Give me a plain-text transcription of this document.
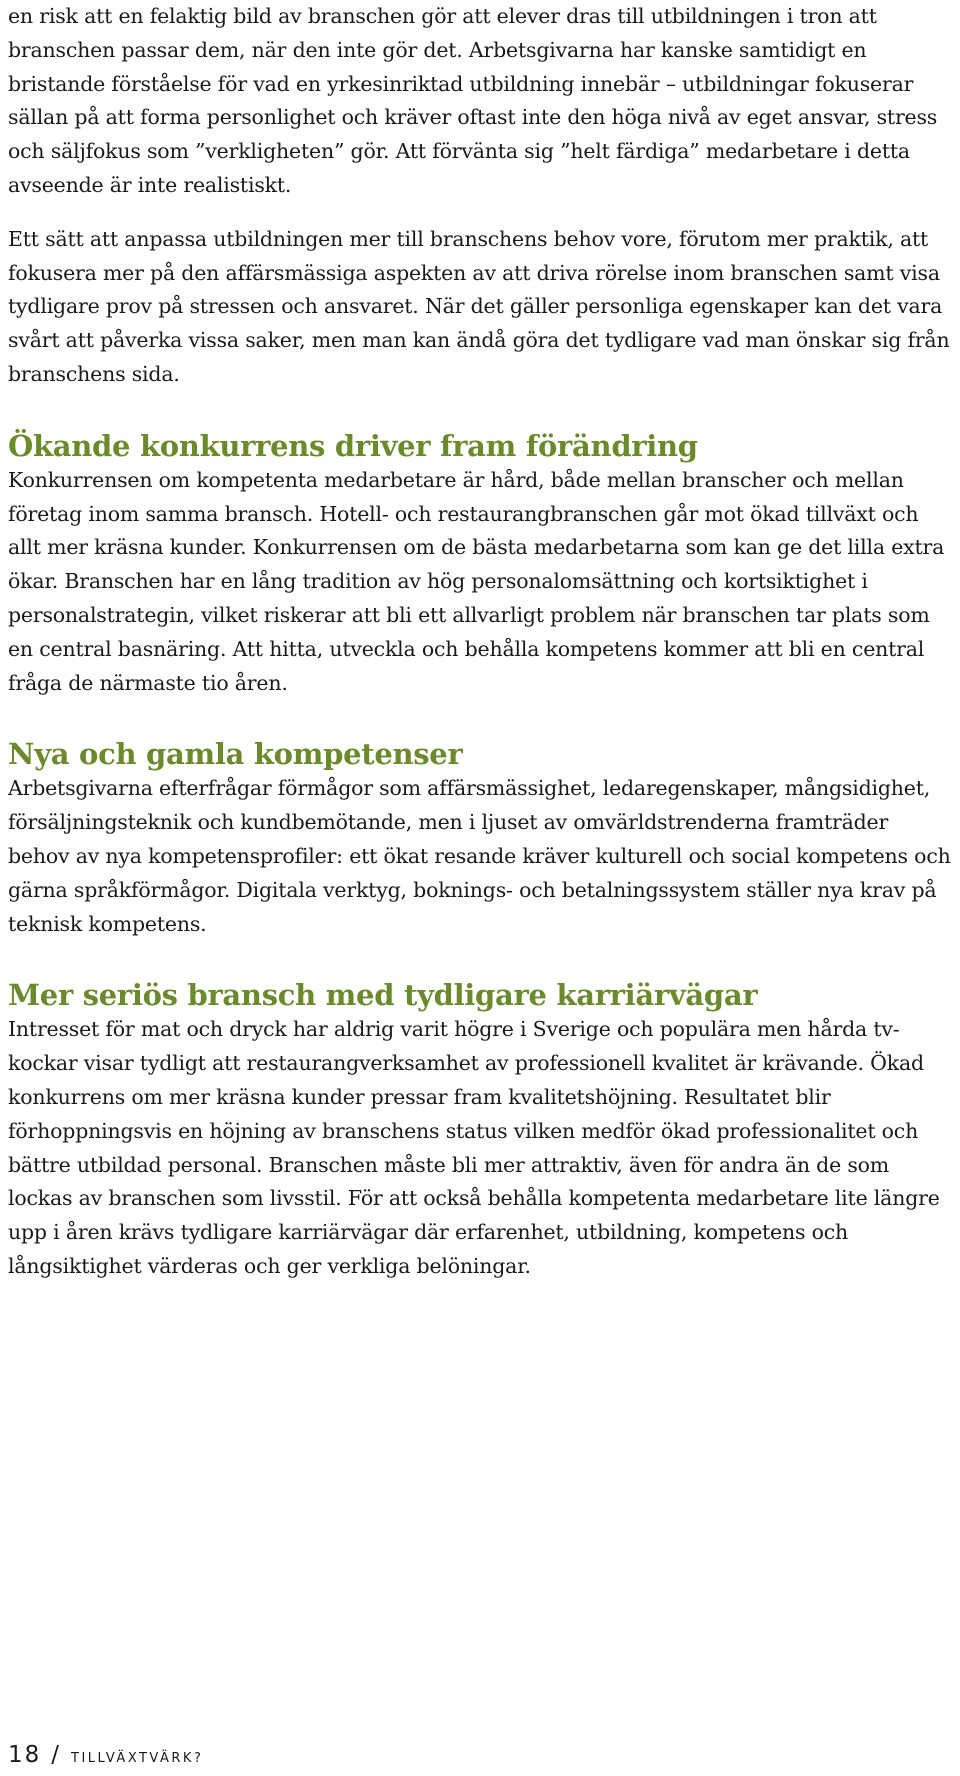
en risk att en felaktig bild av branschen gör att elever dras till utbildningen i tron att branschen passar dem, när den inte gör det. Arbetsgivarna har kanske samtidigt en bristande förståelse för vad en yrkesinriktad utbildning innebär – utbildningar fokuserar sällan på att forma personlighet och kräver oftast inte den höga nivå av eget ansvar, stress och säljfokus som ”verkligheten” gör. Att förvänta sig ”helt färdiga” medarbetare i detta avseende är inte realistiskt.

Ett sätt att anpassa utbildningen mer till branschens behov vore, förutom mer praktik, att fokusera mer på den affärsmässiga aspekten av att driva rörelse inom branschen samt visa tydligare prov på stressen och ansvaret. När det gäller personliga egenskaper kan det vara svårt att påverka vissa saker, men man kan ändå göra det tydligare vad man önskar sig från branschens sida.

Ökande konkurrens driver fram förändring

Konkurrensen om kompetenta medarbetare är hård, både mellan branscher och mellan företag inom samma bransch. Hotell- och restaurangbranschen går mot ökad tillväxt och allt mer kräsna kunder. Konkurrensen om de bästa medarbetarna som kan ge det lilla extra ökar. Branschen har en lång tradition av hög personalomsättning och kortsiktighet i personalstrategin, vilket riskerar att bli ett allvarligt problem när branschen tar plats som en central basnäring. Att hitta, utveckla och behålla kompetens kommer att bli en central fråga de närmaste tio åren.

Nya och gamla kompetenser

Arbetsgivarna efterfrågar förmågor som affärsmässighet, ledaregenskaper, mångsidighet, försäljningsteknik och kundbemötande, men i ljuset av omvärldstrenderna framträder behov av nya kompetensprofiler: ett ökat resande kräver kulturell och social kompetens och gärna språkförmågor. Digitala verktyg, boknings- och betalningssystem ställer nya krav på teknisk kompetens.

Mer seriös bransch med tydligare karriärvägar

Intresset för mat och dryck har aldrig varit högre i Sverige och populära men hårda tv-kockar visar tydligt att restaurangverksamhet av professionell kvalitet är krävande. Ökad konkurrens om mer kräsna kunder pressar fram kvalitetshöjning. Resultatet blir förhoppningsvis en höjning av branschens status vilken medför ökad professionalitet och bättre utbildad personal. Branschen måste bli mer attraktiv, även för andra än de som lockas av branschen som livsstil. För att också behålla kompetenta medarbetare lite längre upp i åren krävs tydligare karriärvägar där erfarenhet, utbildning, kompetens och långsiktighet värderas och ger verkliga belöningar.

18 / TILLVÄXTVÄRK?
